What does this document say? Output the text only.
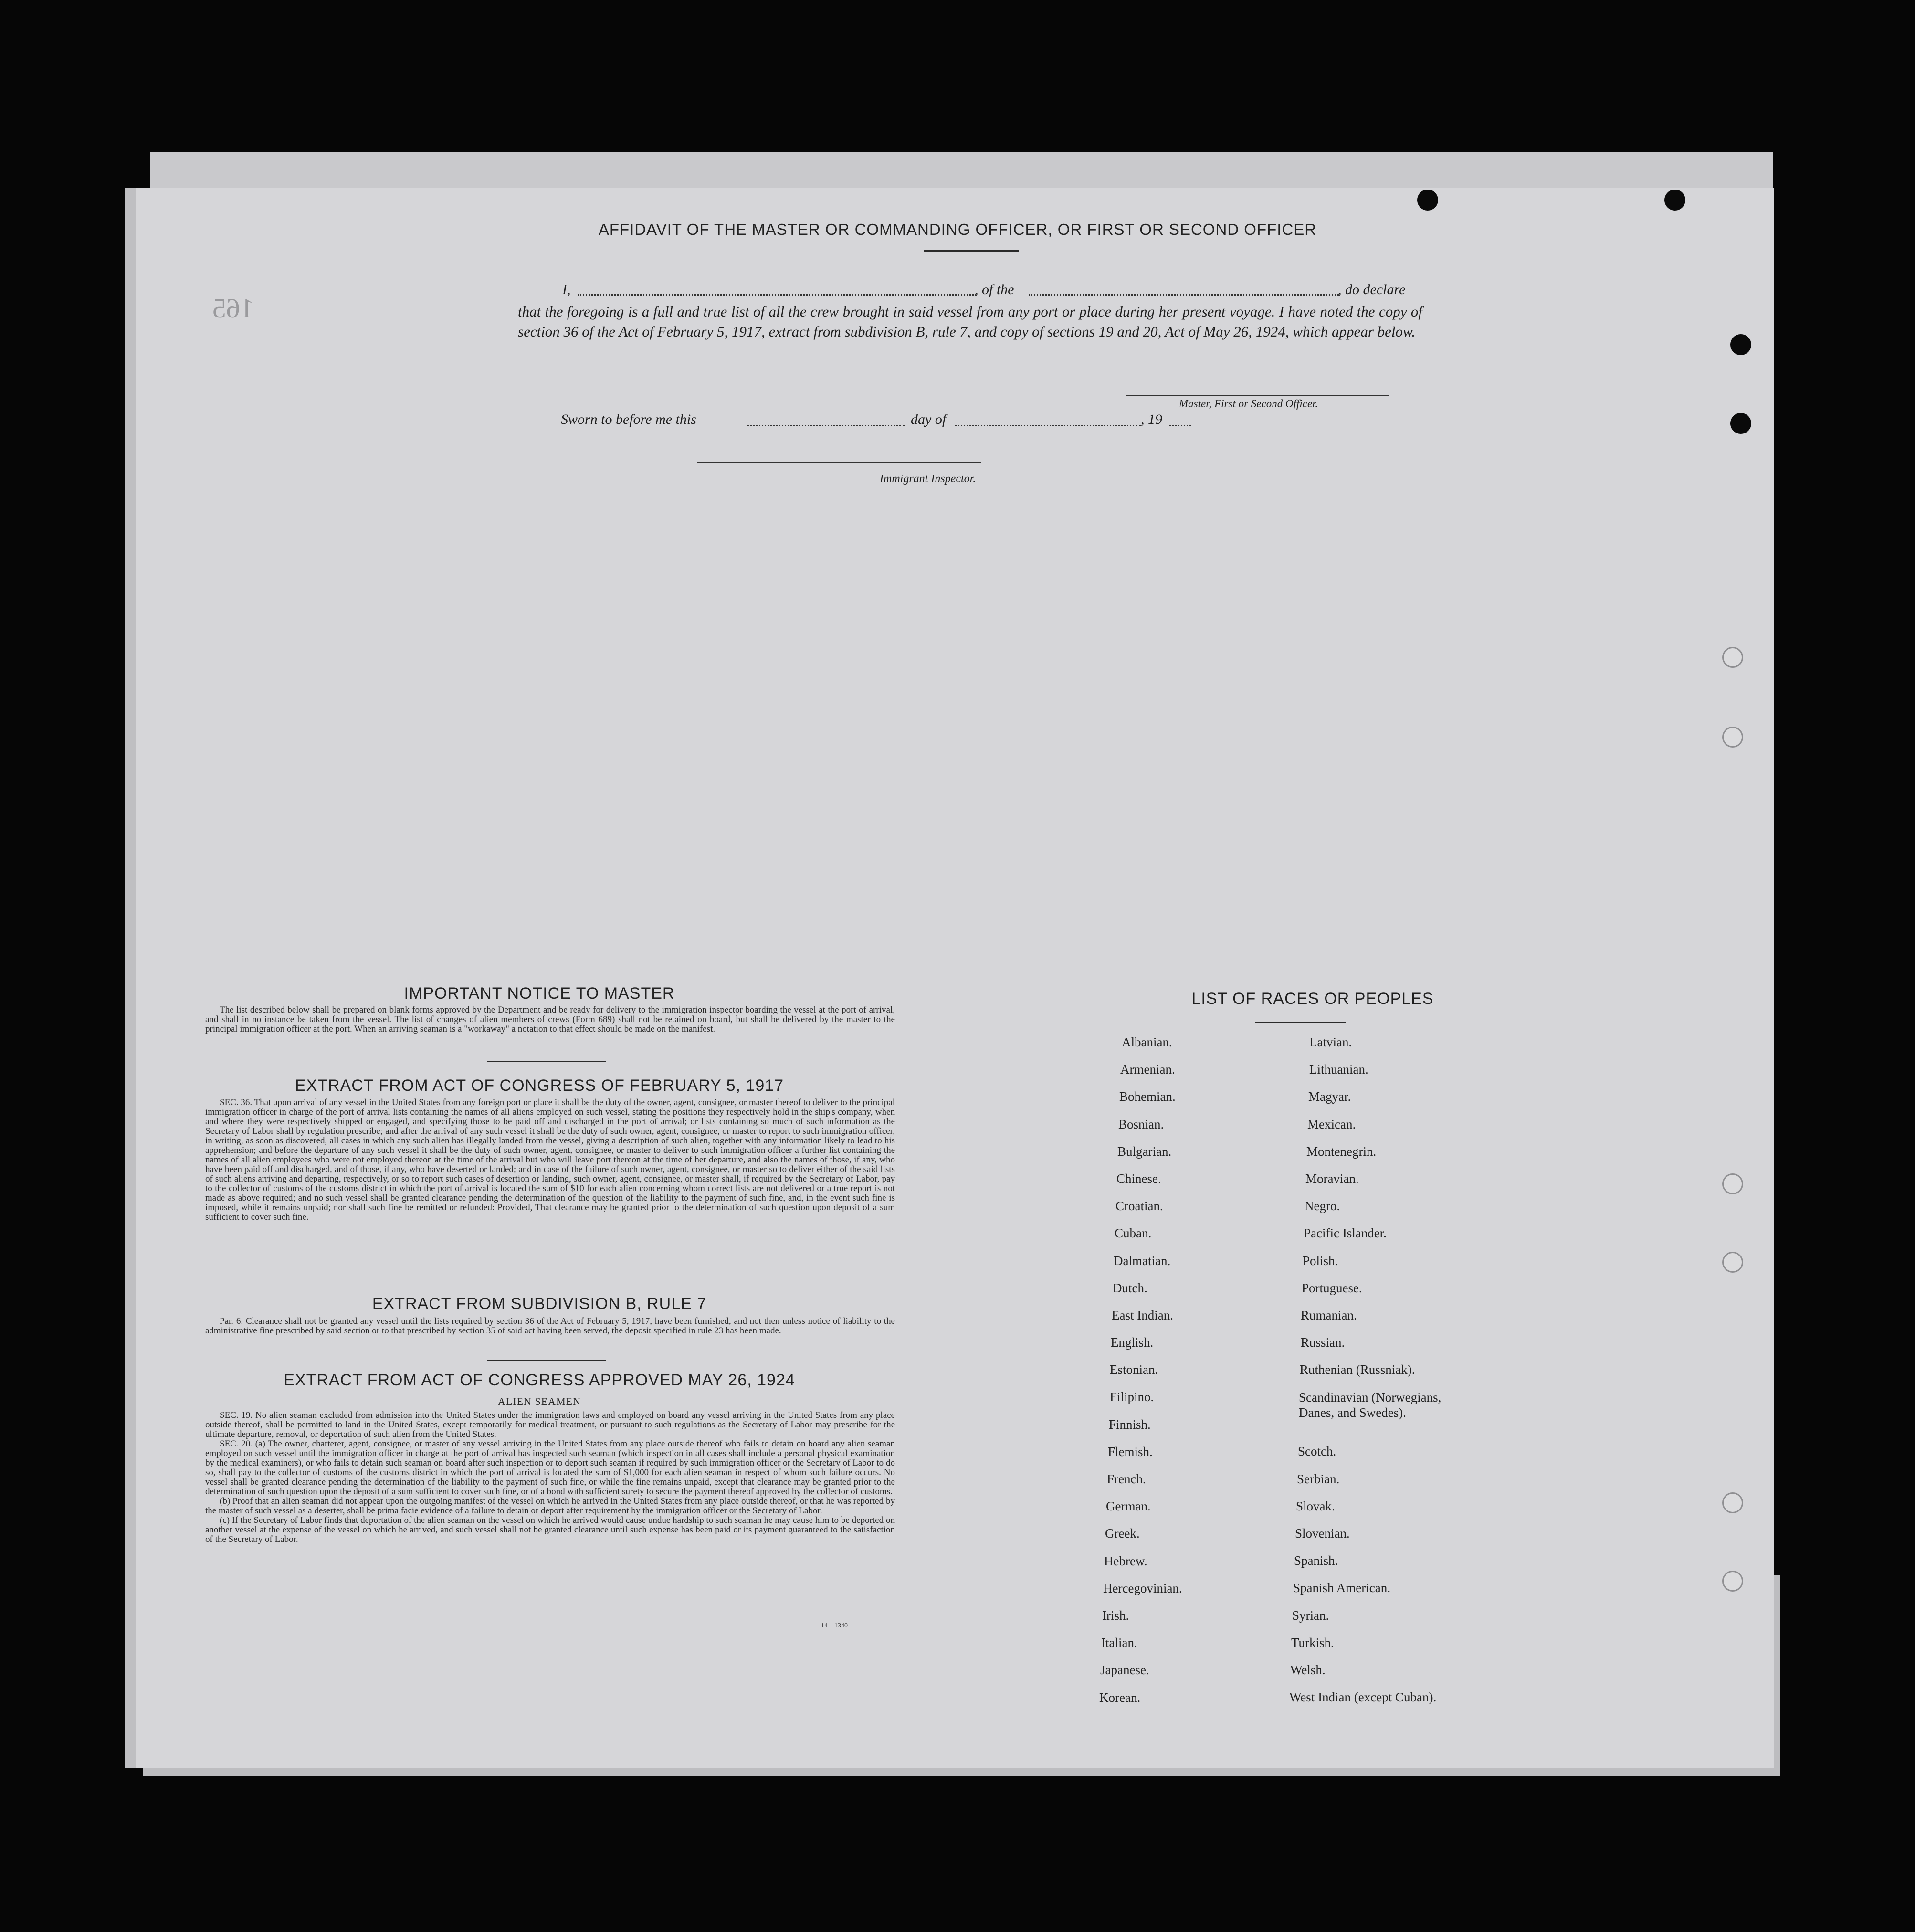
165
AFFIDAVIT OF THE MASTER OR COMMANDING OFFICER, OR FIRST OR SECOND OFFICER
I,	, of the	, do declare
that the foregoing is a full and true list of all the crew brought in said vessel from any port or place during her present voyage. I have noted the copy of section 36 of the Act of February 5, 1917, extract from subdivision B, rule 7, and copy of sections 19 and 20, Act of May 26, 1924, which appear below.
Master, First or Second Officer.
Sworn to before me this	day of	, 19
Immigrant Inspector.
IMPORTANT NOTICE TO MASTER

The list described below shall be prepared on blank forms approved by the Department and be ready for delivery to the immigration inspector boarding the vessel at the port of arrival, and shall in no instance be taken from the vessel. The list of changes of alien members of crews (Form 689) shall not be retained on board, but shall be delivered by the master to the principal immigration officer at the port. When an arriving seaman is a "workaway" a notation to that effect should be made on the manifest.

EXTRACT FROM ACT OF CONGRESS OF FEBRUARY 5, 1917

SEC. 36. That upon arrival of any vessel in the United States from any foreign port or place it shall be the duty of the owner, agent, consignee, or master thereof to deliver to the principal immigration officer in charge of the port of arrival lists containing the names of all aliens employed on such vessel, stating the positions they respectively hold in the ship's company, when and where they were respectively shipped or engaged, and specifying those to be paid off and discharged in the port of arrival; or lists containing so much of such information as the Secretary of Labor shall by regulation prescribe; and after the arrival of any such vessel it shall be the duty of such owner, agent, consignee, or master to report to such immigration officer, in writing, as soon as discovered, all cases in which any such alien has illegally landed from the vessel, giving a description of such alien, together with any information likely to lead to his apprehension; and before the departure of any such vessel it shall be the duty of such owner, agent, consignee, or master to deliver to such immigration officer a further list containing the names of all alien employees who were not employed thereon at the time of the arrival but who will leave port thereon at the time of her departure, and also the names of those, if any, who have been paid off and discharged, and of those, if any, who have deserted or landed; and in case of the failure of such owner, agent, consignee, or master so to deliver either of the said lists of such aliens arriving and departing, respectively, or so to report such cases of desertion or landing, such owner, agent, consignee, or master shall, if required by the Secretary of Labor, pay to the collector of customs of the customs district in which the port of arrival is located the sum of $10 for each alien concerning whom correct lists are not delivered or a true report is not made as above required; and no such vessel shall be granted clearance pending the determination of the question of the liability to the payment of such fine, and, in the event such fine is imposed, while it remains unpaid; nor shall such fine be remitted or refunded: Provided, That clearance may be granted prior to the determination of such question upon deposit of a sum sufficient to cover such fine.

EXTRACT FROM SUBDIVISION B, RULE 7

Par. 6. Clearance shall not be granted any vessel until the lists required by section 36 of the Act of February 5, 1917, have been furnished, and not then unless notice of liability to the administrative fine prescribed by said section or to that prescribed by section 35 of said act having been served, the deposit specified in rule 23 has been made.

EXTRACT FROM ACT OF CONGRESS APPROVED MAY 26, 1924
ALIEN SEAMEN

SEC. 19. No alien seaman excluded from admission into the United States under the immigration laws and employed on board any vessel arriving in the United States from any place outside thereof, shall be permitted to land in the United States, except temporarily for medical treatment, or pursuant to such regulations as the Secretary of Labor may prescribe for the ultimate departure, removal, or deportation of such alien from the United States.

SEC. 20. (a) The owner, charterer, agent, consignee, or master of any vessel arriving in the United States from any place outside thereof who fails to detain on board any alien seaman employed on such vessel until the immigration officer in charge at the port of arrival has inspected such seaman (which inspection in all cases shall include a personal physical examination by the medical examiners), or who fails to detain such seaman on board after such inspection or to deport such seaman if required by such immigration officer or the Secretary of Labor to do so, shall pay to the collector of customs of the customs district in which the port of arrival is located the sum of $1,000 for each alien seaman in respect of whom such failure occurs. No vessel shall be granted clearance pending the determination of the liability to the payment of such fine, or while the fine remains unpaid, except that clearance may be granted prior to the determination of such question upon the deposit of a sum sufficient to cover such fine, or of a bond with sufficient surety to secure the payment thereof approved by the collector of customs.

(b) Proof that an alien seaman did not appear upon the outgoing manifest of the vessel on which he arrived in the United States from any place outside thereof, or that he was reported by the master of such vessel as a deserter, shall be prima facie evidence of a failure to detain or deport after requirement by the immigration officer or the Secretary of Labor.

(c) If the Secretary of Labor finds that deportation of the alien seaman on the vessel on which he arrived would cause undue hardship to such seaman he may cause him to be deported on another vessel at the expense of the vessel on which he arrived, and such vessel shall not be granted clearance until such expense has been paid or its payment guaranteed to the satisfaction of the Secretary of Labor.

14—1340
LIST OF RACES OR PEOPLES
Albanian.
Armenian.
Bohemian.
Bosnian.
Bulgarian.
Chinese.
Croatian.
Cuban.
Dalmatian.
Dutch.
East Indian.
English.
Estonian.
Filipino.
Finnish.
Flemish.
French.
German.
Greek.
Hebrew.
Hercegovinian.
Irish.
Italian.
Japanese.
Korean.
Latvian.
Lithuanian.
Magyar.
Mexican.
Montenegrin.
Moravian.
Negro.
Pacific Islander.
Polish.
Portuguese.
Rumanian.
Russian.
Ruthenian (Russniak).
Scandinavian (Norwegians, Danes, and Swedes).
Scotch.
Serbian.
Slovak.
Slovenian.
Spanish.
Spanish American.
Syrian.
Turkish.
Welsh.
West Indian (except Cuban).
